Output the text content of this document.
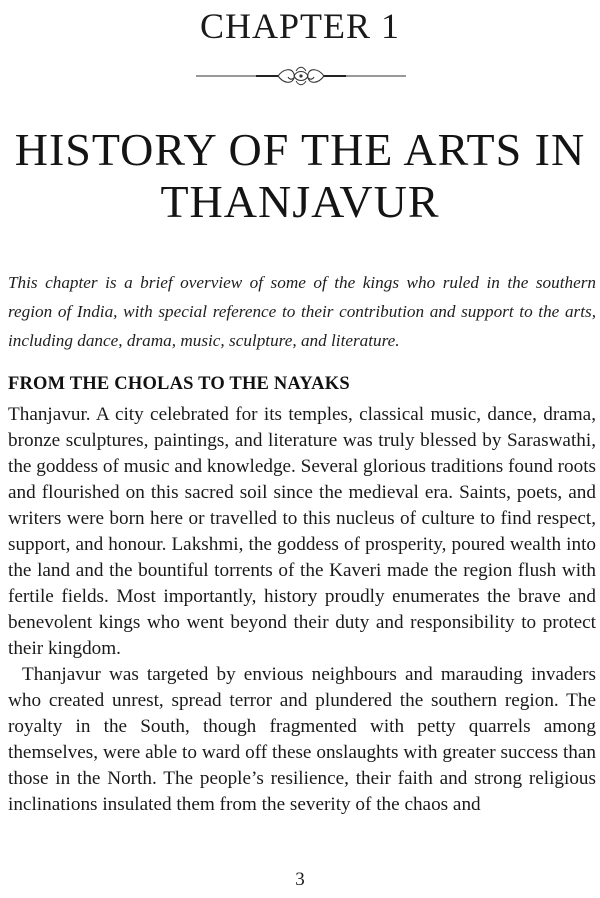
CHAPTER 1
HISTORY OF THE ARTS IN
THANJAVUR
This chapter is a brief overview of some of the kings who ruled in the southern region of India, with special reference to their contribution and support to the arts, including dance, drama, music, sculpture, and literature.
FROM THE CHOLAS TO THE NAYAKS

Thanjavur. A city celebrated for its temples, classical music, dance, drama, bronze sculptures, paintings, and literature was truly blessed by Saraswathi, the goddess of music and knowledge. Several glorious traditions found roots and flourished on this sacred soil since the medieval era. Saints, poets, and writers were born here or travelled to this nucleus of culture to find respect, support, and honour. Lakshmi, the goddess of prosperity, poured wealth into the land and the bountiful torrents of the Kaveri made the region flush with fertile fields. Most importantly, history proudly enumerates the brave and benevolent kings who went beyond their duty and responsibility to protect their kingdom.

Thanjavur was targeted by envious neighbours and marauding invaders who created unrest, spread terror and plundered the southern region. The royalty in the South, though fragmented with petty quarrels among themselves, were able to ward off these onslaughts with greater success than those in the North. The people’s resilience, their faith and strong religious inclinations insulated them from the severity of the chaos and

3
